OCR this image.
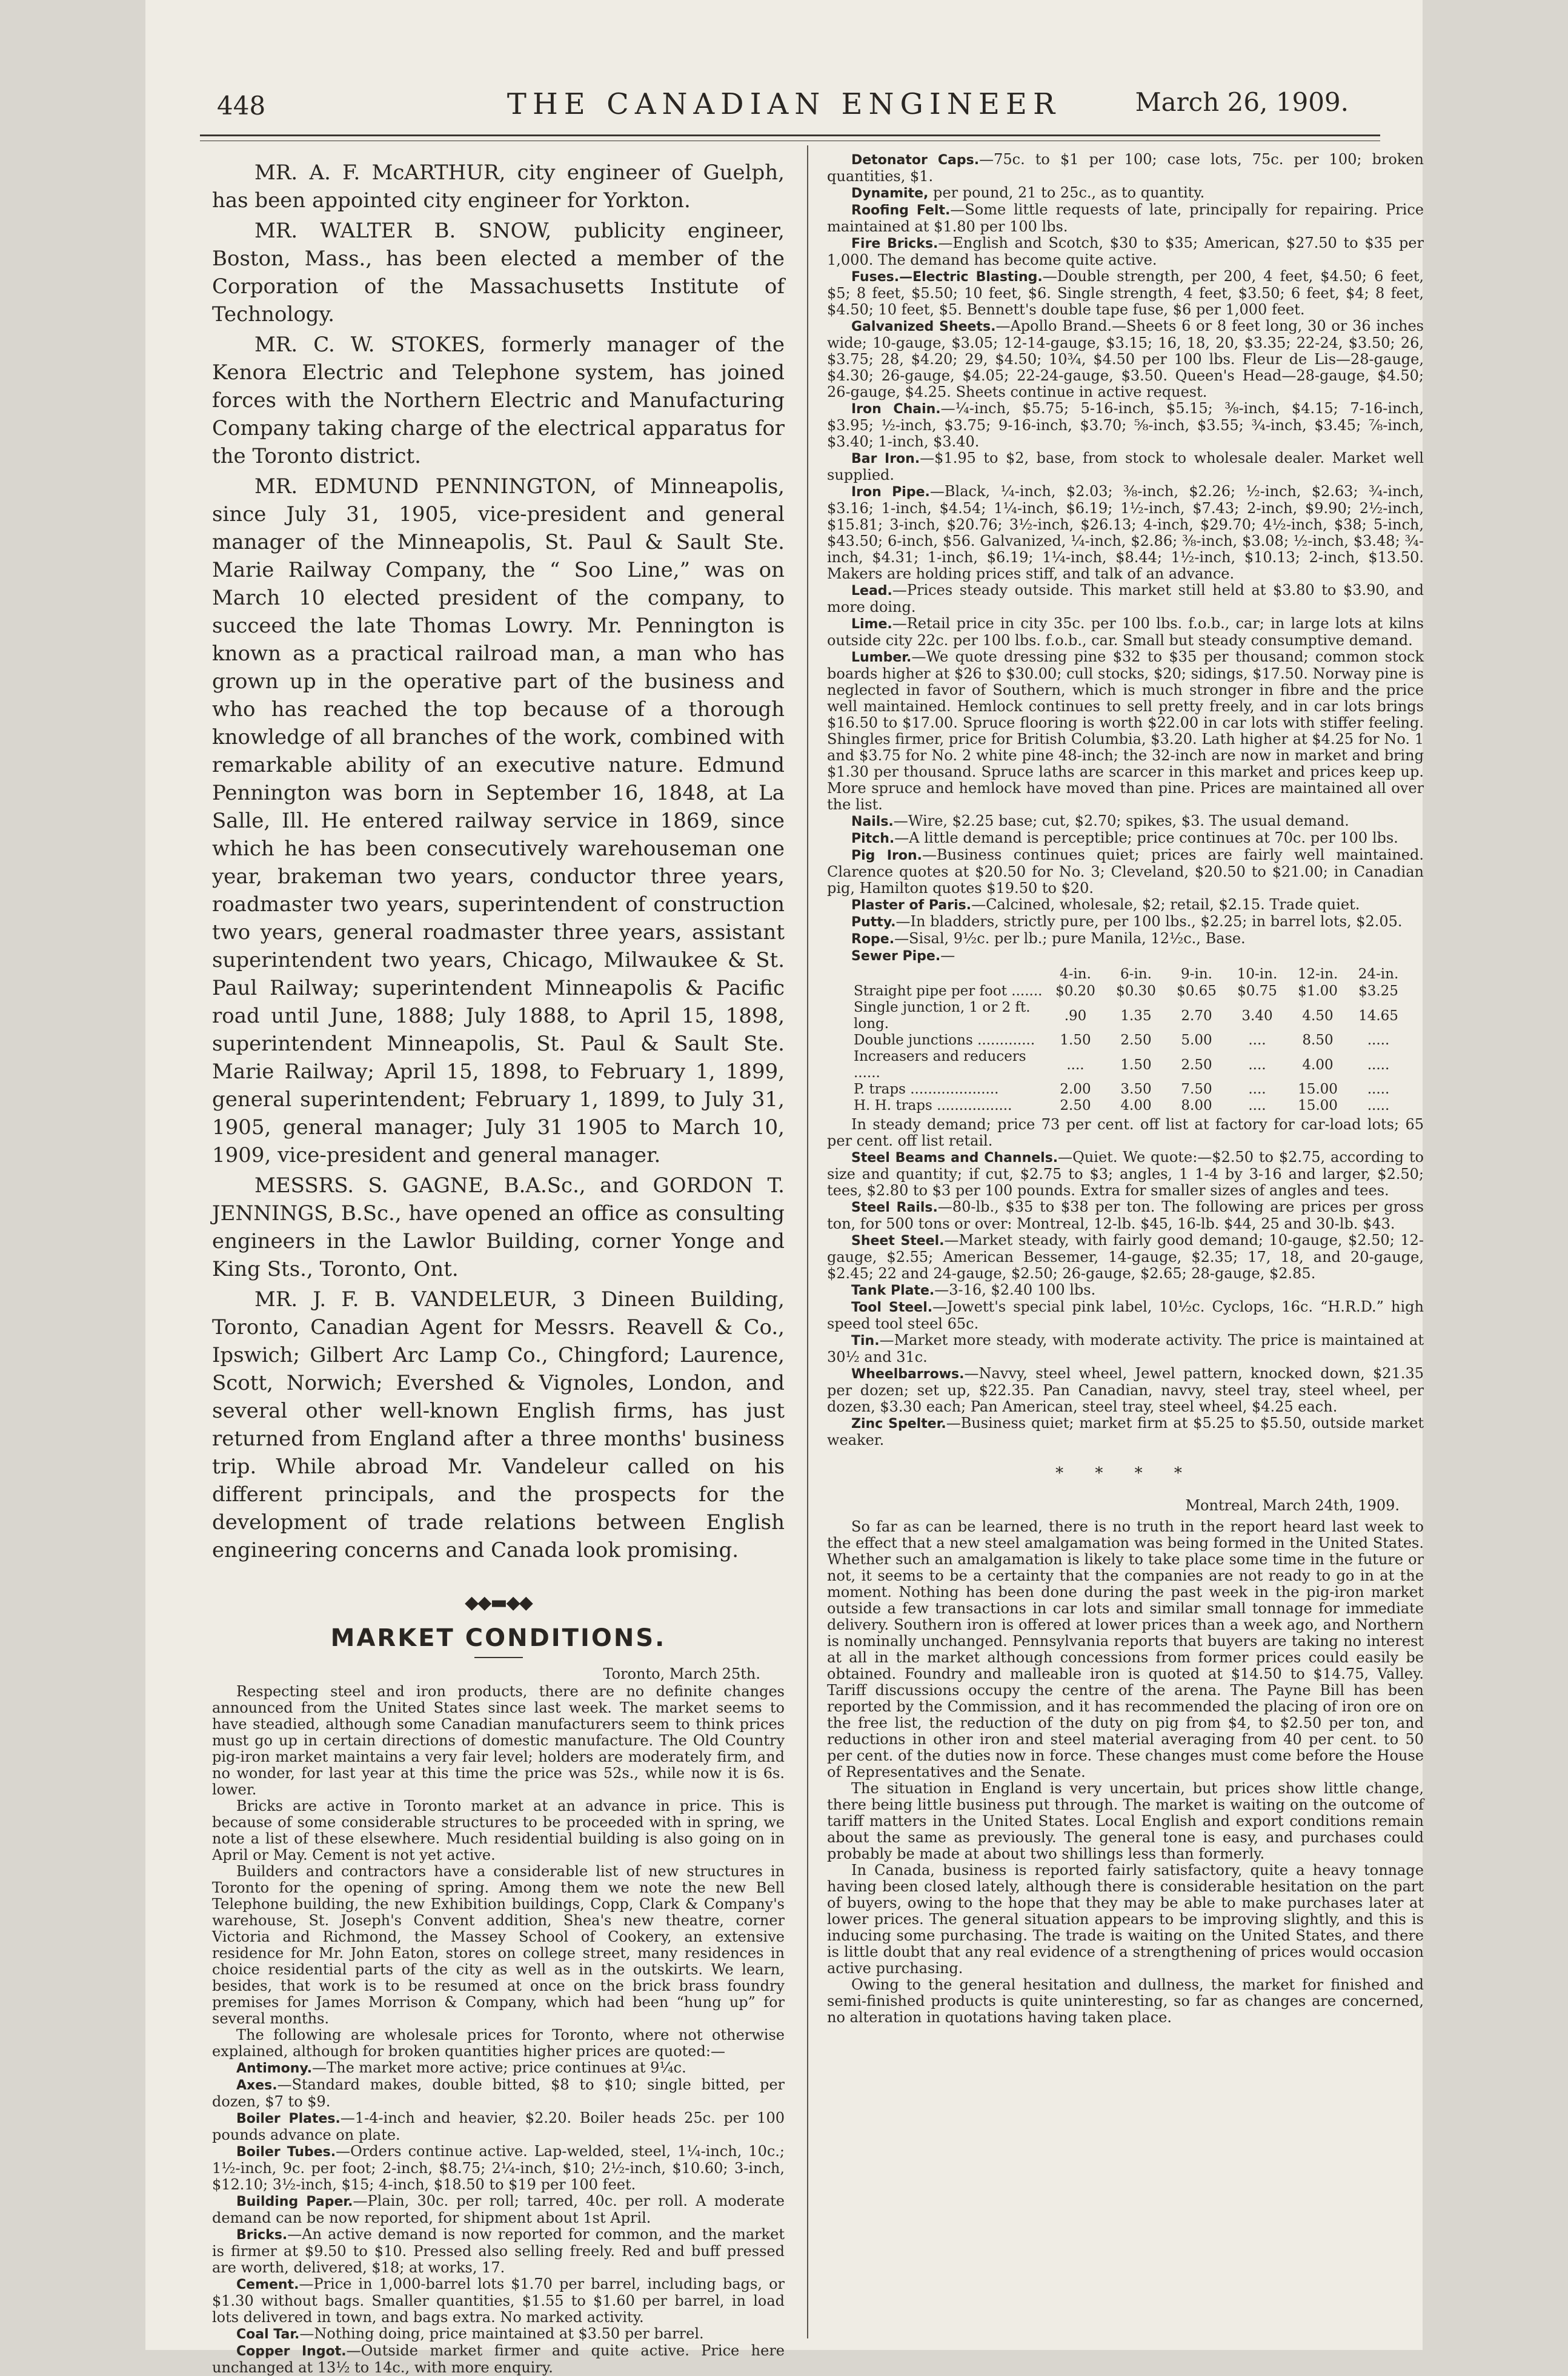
448	THE CANADIAN ENGINEER	March 26, 1909.

MR. A. F. McARTHUR, city engineer of Guelph, has been appointed city engineer for Yorkton.

MR. WALTER B. SNOW, publicity engineer, Boston, Mass., has been elected a member of the Corporation of the Massachusetts Institute of Technology.

MR. C. W. STOKES, formerly manager of the Kenora Electric and Telephone system, has joined forces with the Northern Electric and Manufacturing Company taking charge of the electrical apparatus for the Toronto district.

MR. EDMUND PENNINGTON, of Minneapolis, since July 31, 1905, vice-president and general manager of the Minneapolis, St. Paul & Sault Ste. Marie Railway Company, the “ Soo Line,” was on March 10 elected president of the company, to succeed the late Thomas Lowry. Mr. Pennington is known as a practical railroad man, a man who has grown up in the operative part of the business and who has reached the top because of a thorough knowledge of all branches of the work, combined with remarkable ability of an executive nature. Edmund Pennington was born in September 16, 1848, at La Salle, Ill. He entered railway service in 1869, since which he has been consecutively warehouseman one year, brakeman two years, conductor three years, roadmaster two years, superintendent of construction two years, general roadmaster three years, assistant superintendent two years, Chicago, Milwaukee & St. Paul Railway; superintendent Minneapolis & Pacific road until June, 1888; July 1888, to April 15, 1898, superintendent Minneapolis, St. Paul & Sault Ste. Marie Railway; April 15, 1898, to February 1, 1899, general superintendent; February 1, 1899, to July 31, 1905, general manager; July 31 1905 to March 10, 1909, vice-president and general manager.

MESSRS. S. GAGNE, B.A.Sc., and GORDON T. JENNINGS, B.Sc., have opened an office as consulting engineers in the Lawlor Building, corner Yonge and King Sts., Toronto, Ont.

MR. J. F. B. VANDELEUR, 3 Dineen Building, Toronto, Canadian Agent for Messrs. Reavell & Co., Ipswich; Gilbert Arc Lamp Co., Chingford; Laurence, Scott, Norwich; Evershed & Vignoles, London, and several other well-known English firms, has just returned from England after a three months' business trip. While abroad Mr. Vandeleur called on his different principals, and the prospects for the development of trade relations between English engineering concerns and Canada look promising.

◆◆▬◆◆
MARKET CONDITIONS.
Toronto, March 25th.

Respecting steel and iron products, there are no definite changes announced from the United States since last week. The market seems to have steadied, although some Canadian manufacturers seem to think prices must go up in certain directions of domestic manufacture. The Old Country pig-iron market maintains a very fair level; holders are moderately firm, and no wonder, for last year at this time the price was 52s., while now it is 6s. lower.

Bricks are active in Toronto market at an advance in price. This is because of some considerable structures to be proceeded with in spring, we note a list of these elsewhere. Much residential building is also going on in April or May. Cement is not yet active.

Builders and contractors have a considerable list of new structures in Toronto for the opening of spring. Among them we note the new Bell Telephone building, the new Exhibition buildings, Copp, Clark & Company's warehouse, St. Joseph's Convent addition, Shea's new theatre, corner Victoria and Richmond, the Massey School of Cookery, an extensive residence for Mr. John Eaton, stores on college street, many residences in choice residential parts of the city as well as in the outskirts. We learn, besides, that work is to be resumed at once on the brick brass foundry premises for James Morrison & Company, which had been “hung up” for several months.

The following are wholesale prices for Toronto, where not otherwise explained, although for broken quantities higher prices are quoted:—

Antimony.—The market more active; price continues at 9¼c.

Axes.—Standard makes, double bitted, $8 to $10; single bitted, per dozen, $7 to $9.

Boiler Plates.—1-4-inch and heavier, $2.20. Boiler heads 25c. per 100 pounds advance on plate.

Boiler Tubes.—Orders continue active. Lap-welded, steel, 1¼-inch, 10c.; 1½-inch, 9c. per foot; 2-inch, $8.75; 2¼-inch, $10; 2½-inch, $10.60; 3-inch, $12.10; 3½-inch, $15; 4-inch, $18.50 to $19 per 100 feet.

Building Paper.—Plain, 30c. per roll; tarred, 40c. per roll. A moderate demand can be now reported, for shipment about 1st April.

Bricks.—An active demand is now reported for common, and the market is firmer at $9.50 to $10. Pressed also selling freely. Red and buff pressed are worth, delivered, $18; at works, 17.

Cement.—Price in 1,000-barrel lots $1.70 per barrel, including bags, or $1.30 without bags. Smaller quantities, $1.55 to $1.60 per barrel, in load lots delivered in town, and bags extra. No marked activity.

Coal Tar.—Nothing doing, price maintained at $3.50 per barrel.

Copper Ingot.—Outside market firmer and quite active. Price here unchanged at 13½ to 14c., with more enquiry.

Detonator Caps.—75c. to $1 per 100; case lots, 75c. per 100; broken quantities, $1.

Dynamite, per pound, 21 to 25c., as to quantity.

Roofing Felt.—Some little requests of late, principally for repairing. Price maintained at $1.80 per 100 lbs.

Fire Bricks.—English and Scotch, $30 to $35; American, $27.50 to $35 per 1,000. The demand has become quite active.

Fuses.—Electric Blasting.—Double strength, per 200, 4 feet, $4.50; 6 feet, $5; 8 feet, $5.50; 10 feet, $6. Single strength, 4 feet, $3.50; 6 feet, $4; 8 feet, $4.50; 10 feet, $5. Bennett's double tape fuse, $6 per 1,000 feet.

Galvanized Sheets.—Apollo Brand.—Sheets 6 or 8 feet long, 30 or 36 inches wide; 10-gauge, $3.05; 12-14-gauge, $3.15; 16, 18, 20, $3.35; 22-24, $3.50; 26, $3.75; 28, $4.20; 29, $4.50; 10¾, $4.50 per 100 lbs. Fleur de Lis—28-gauge, $4.30; 26-gauge, $4.05; 22-24-gauge, $3.50. Queen's Head—28-gauge, $4.50; 26-gauge, $4.25. Sheets continue in active request.

Iron Chain.—¼-inch, $5.75; 5-16-inch, $5.15; ⅜-inch, $4.15; 7-16-inch, $3.95; ½-inch, $3.75; 9-16-inch, $3.70; ⅝-inch, $3.55; ¾-inch, $3.45; ⅞-inch, $3.40; 1-inch, $3.40.

Bar Iron.—$1.95 to $2, base, from stock to wholesale dealer. Market well supplied.

Iron Pipe.—Black, ¼-inch, $2.03; ⅜-inch, $2.26; ½-inch, $2.63; ¾-inch, $3.16; 1-inch, $4.54; 1¼-inch, $6.19; 1½-inch, $7.43; 2-inch, $9.90; 2½-inch, $15.81; 3-inch, $20.76; 3½-inch, $26.13; 4-inch, $29.70; 4½-inch, $38; 5-inch, $43.50; 6-inch, $56. Galvanized, ¼-inch, $2.86; ⅜-inch, $3.08; ½-inch, $3.48; ¾-inch, $4.31; 1-inch, $6.19; 1¼-inch, $8.44; 1½-inch, $10.13; 2-inch, $13.50. Makers are holding prices stiff, and talk of an advance.

Lead.—Prices steady outside. This market still held at $3.80 to $3.90, and more doing.

Lime.—Retail price in city 35c. per 100 lbs. f.o.b., car; in large lots at kilns outside city 22c. per 100 lbs. f.o.b., car. Small but steady consumptive demand.

Lumber.—We quote dressing pine $32 to $35 per thousand; common stock boards higher at $26 to $30.00; cull stocks, $20; sidings, $17.50. Norway pine is neglected in favor of Southern, which is much stronger in fibre and the price well maintained. Hemlock continues to sell pretty freely, and in car lots brings $16.50 to $17.00. Spruce flooring is worth $22.00 in car lots with stiffer feeling. Shingles firmer, price for British Columbia, $3.20. Lath higher at $4.25 for No. 1 and $3.75 for No. 2 white pine 48-inch; the 32-inch are now in market and bring $1.30 per thousand. Spruce laths are scarcer in this market and prices keep up. More spruce and hemlock have moved than pine. Prices are maintained all over the list.

Nails.—Wire, $2.25 base; cut, $2.70; spikes, $3. The usual demand.

Pitch.—A little demand is perceptible; price continues at 70c. per 100 lbs.

Pig Iron.—Business continues quiet; prices are fairly well maintained. Clarence quotes at $20.50 for No. 3; Cleveland, $20.50 to $21.00; in Canadian pig, Hamilton quotes $19.50 to $20.

Plaster of Paris.—Calcined, wholesale, $2; retail, $2.15. Trade quiet.

Putty.—In bladders, strictly pure, per 100 lbs., $2.25; in barrel lots, $2.05.

Rope.—Sisal, 9½c. per lb.; pure Manila, 12½c., Base.

Sewer Pipe.—

	4-in.	6-in.	9-in.	10-in.	12-in.	24-in.
Straight pipe per foot .......	$0.20	$0.30	$0.65	$0.75	$1.00	$3.25
Single junction, 1 or 2 ft. long.	.90	1.35	2.70	3.40	4.50	14.65
Double junctions .............	1.50	2.50	5.00	....	8.50	.....
Increasers and reducers ......	....	1.50	2.50	....	4.00	.....
P. traps ....................	2.00	3.50	7.50	....	15.00	.....
H. H. traps .................	2.50	4.00	8.00	....	15.00	.....

In steady demand; price 73 per cent. off list at factory for car-load lots; 65 per cent. off list retail.

Steel Beams and Channels.—Quiet. We quote:—$2.50 to $2.75, according to size and quantity; if cut, $2.75 to $3; angles, 1 1-4 by 3-16 and larger, $2.50; tees, $2.80 to $3 per 100 pounds. Extra for smaller sizes of angles and tees.

Steel Rails.—80-lb., $35 to $38 per ton. The following are prices per gross ton, for 500 tons or over: Montreal, 12-lb. $45, 16-lb. $44, 25 and 30-lb. $43.

Sheet Steel.—Market steady, with fairly good demand; 10-gauge, $2.50; 12-gauge, $2.55; American Bessemer, 14-gauge, $2.35; 17, 18, and 20-gauge, $2.45; 22 and 24-gauge, $2.50; 26-gauge, $2.65; 28-gauge, $2.85.

Tank Plate.—3-16, $2.40 100 lbs.

Tool Steel.—Jowett's special pink label, 10½c. Cyclops, 16c. “H.R.D.” high speed tool steel 65c.

Tin.—Market more steady, with moderate activity. The price is maintained at 30½ and 31c.

Wheelbarrows.—Navvy, steel wheel, Jewel pattern, knocked down, $21.35 per dozen; set up, $22.35. Pan Canadian, navvy, steel tray, steel wheel, per dozen, $3.30 each; Pan American, steel tray, steel wheel, $4.25 each.

Zinc Spelter.—Business quiet; market firm at $5.25 to $5.50, outside market weaker.

* * * *
Montreal, March 24th, 1909.

So far as can be learned, there is no truth in the report heard last week to the effect that a new steel amalgamation was being formed in the United States. Whether such an amalgamation is likely to take place some time in the future or not, it seems to be a certainty that the companies are not ready to go in at the moment. Nothing has been done during the past week in the pig-iron market outside a few transactions in car lots and similar small tonnage for immediate delivery. Southern iron is offered at lower prices than a week ago, and Northern is nominally unchanged. Pennsylvania reports that buyers are taking no interest at all in the market although concessions from former prices could easily be obtained. Foundry and malleable iron is quoted at $14.50 to $14.75, Valley. Tariff discussions occupy the centre of the arena. The Payne Bill has been reported by the Commission, and it has recommended the placing of iron ore on the free list, the reduction of the duty on pig from $4, to $2.50 per ton, and reductions in other iron and steel material averaging from 40 per cent. to 50 per cent. of the duties now in force. These changes must come before the House of Representatives and the Senate.

The situation in England is very uncertain, but prices show little change, there being little business put through. The market is waiting on the outcome of tariff matters in the United States. Local English and export conditions remain about the same as previously. The general tone is easy, and purchases could probably be made at about two shillings less than formerly.

In Canada, business is reported fairly satisfactory, quite a heavy tonnage having been closed lately, although there is considerable hesitation on the part of buyers, owing to the hope that they may be able to make purchases later at lower prices. The general situation appears to be improving slightly, and this is inducing some purchasing. The trade is waiting on the United States, and there is little doubt that any real evidence of a strengthening of prices would occasion active purchasing.

Owing to the general hesitation and dullness, the market for finished and semi-finished products is quite uninteresting, so far as changes are concerned, no alteration in quotations having taken place.
